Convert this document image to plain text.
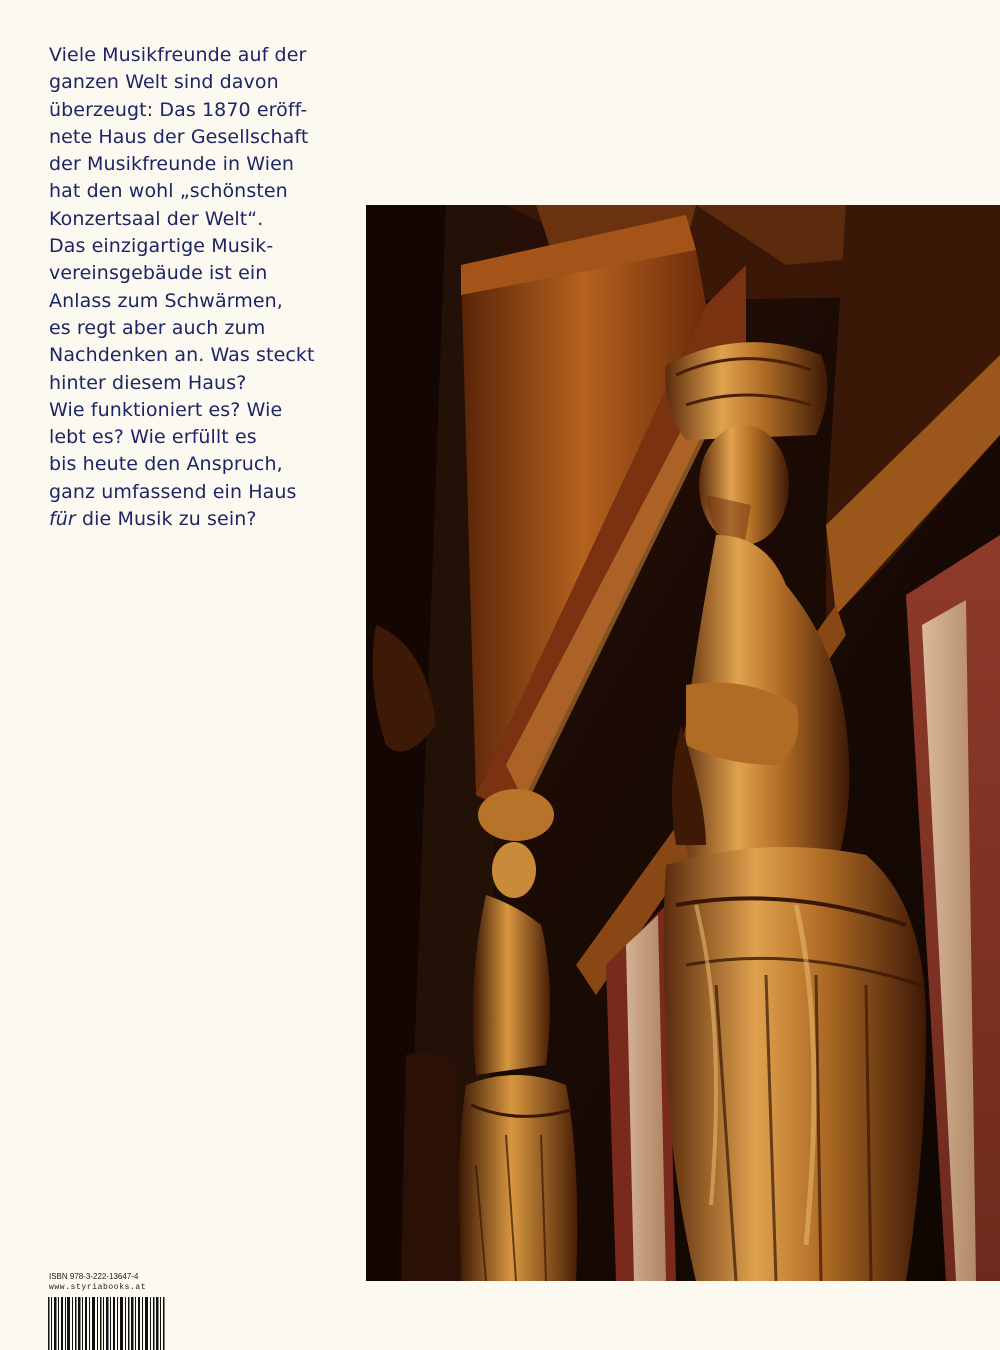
Viele Musikfreunde auf der
ganzen Welt sind davon
überzeugt: Das 1870 eröff-
nete Haus der Gesellschaft
der Musikfreunde in Wien
hat den wohl „schönsten
Konzertsaal der Welt“.
Das einzigartige Musik-
vereinsgebäude ist ein
Anlass zum Schwärmen,
es regt aber auch zum
Nachdenken an. Was steckt
hinter diesem Haus?
Wie funktioniert es? Wie
lebt es? Wie erfüllt es
bis heute den Anspruch,
ganz umfassend ein Haus
für die Musik zu sein?
ISBN 978-3-222-13647-4
www.styriabooks.at
